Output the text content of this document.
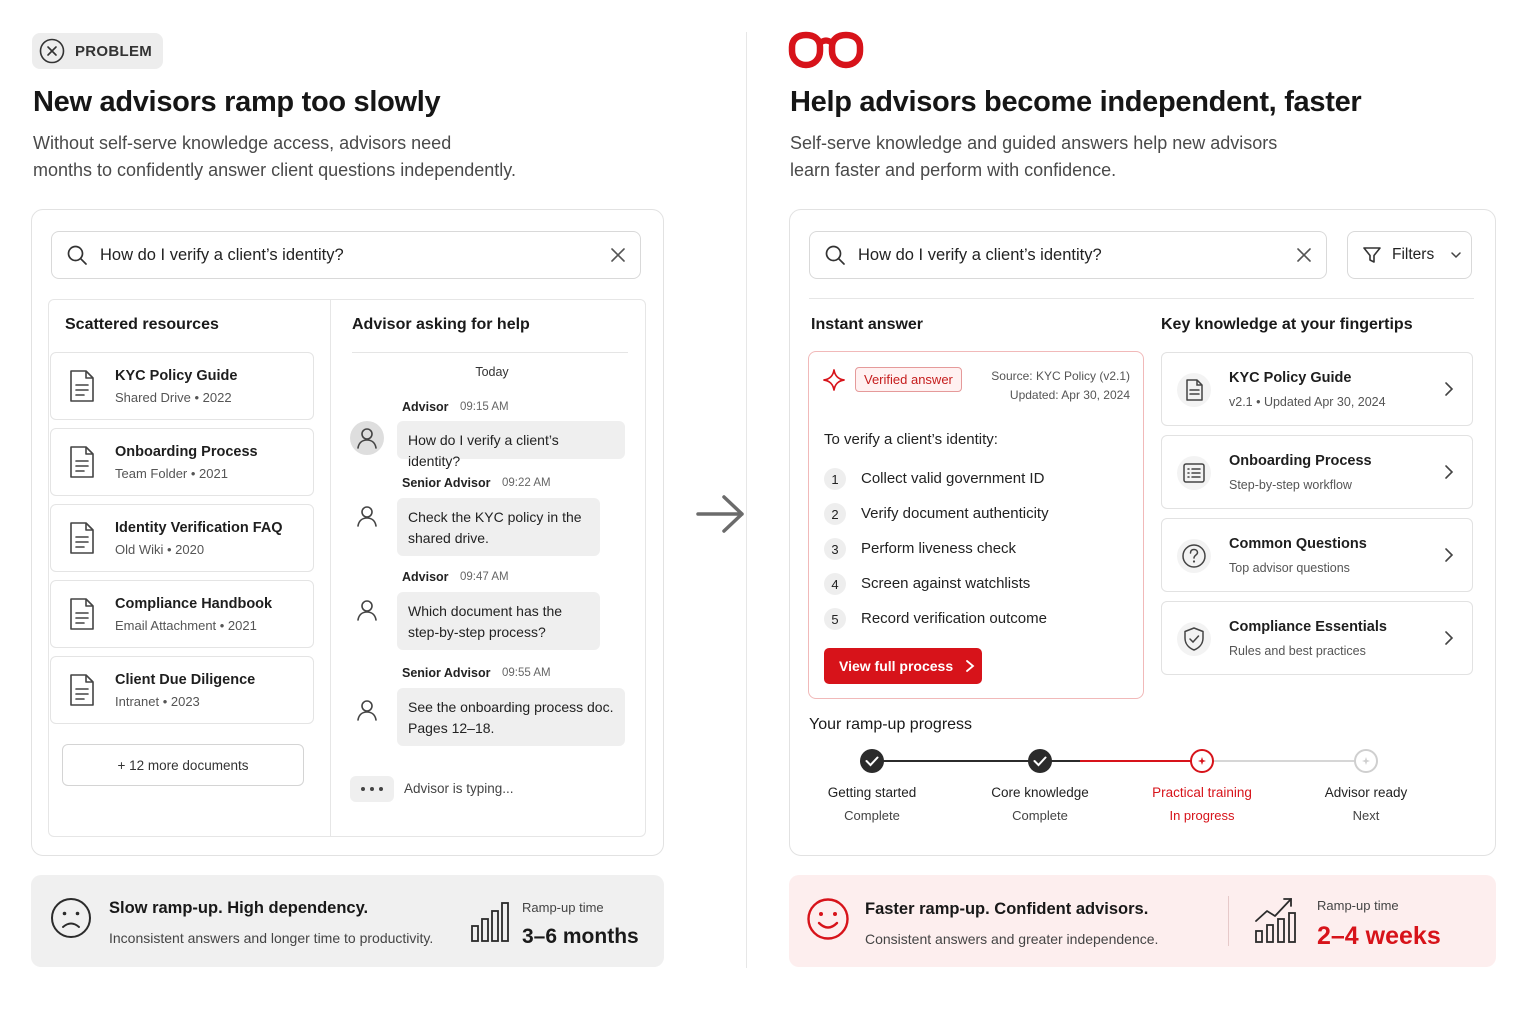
PROBLEM
New advisors ramp too slowly
Without self-serve knowledge access, advisors need
months to confidently answer client questions independently.
How do I verify a client’s identity?
Scattered resources
KYC Policy Guide
Shared Drive • 2022
Onboarding Process
Team Folder • 2021
Identity Verification FAQ
Old Wiki • 2020
Compliance Handbook
Email Attachment • 2021
Client Due Diligence
Intranet • 2023
+ 12 more documents
Advisor asking for help
Today
Advisor 09:15 AM
How do I verify a client’s identity?
Senior Advisor 09:22 AM
Check the KYC policy in the
shared drive.
Advisor 09:47 AM
Which document has the
step-by-step process?
Senior Advisor 09:55 AM
See the onboarding process doc.
Pages 12–18.
Advisor is typing...
Slow ramp-up. High dependency.
Inconsistent answers and longer time to productivity.
Ramp-up time
3–6 months
Help advisors become independent, faster
Self-serve knowledge and guided answers help new advisors
learn faster and perform with confidence.
How do I verify a client’s identity?	Filters
Instant answer	Key knowledge at your fingertips
Verified answer	Source: KYC Policy (v2.1)
Updated: Apr 30, 2024
To verify a client’s identity:
1	Collect valid government ID
2	Verify document authenticity
3	Perform liveness check
4	Screen against watchlists
5	Record verification outcome
View full process
KYC Policy Guide
v2.1 • Updated Apr 30, 2024
Onboarding Process
Step-by-step workflow
Common Questions
Top advisor questions
Compliance Essentials
Rules and best practices
Your ramp-up progress
Getting started
Complete
Core knowledge
Complete
Practical training
In progress
Advisor ready
Next
Faster ramp-up. Confident advisors.
Consistent answers and greater independence.
Ramp-up time
2–4 weeks
